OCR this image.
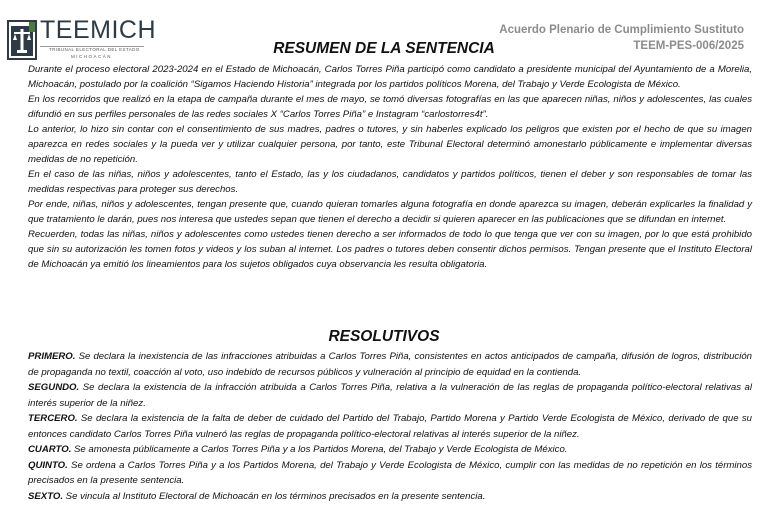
TEEMICH
TRIBUNAL ELECTORAL DEL ESTADO
MICHOACÁN
Acuerdo Plenario de Cumplimiento Sustituto
TEEM-PES-006/2025
RESUMEN DE LA SENTENCIA

Durante el proceso electoral 2023-2024 en el Estado de Michoacán, Carlos Torres Piña participó como candidato a presidente municipal del Ayuntamiento de a Morelia, Michoacán, postulado por la coalición “Sigamos Haciendo Historia” integrada por los partidos políticos Morena, del Trabajo y Verde Ecologista de México.

En los recorridos que realizó en la etapa de campaña durante el mes de mayo, se tomó diversas fotografías en las que aparecen niñas, niños y adolescentes, las cuales difundió en sus perfiles personales de las redes sociales X “Carlos Torres Piña” e Instagram “carlostorres4t”.

Lo anterior, lo hizo sin contar con el consentimiento de sus madres, padres o tutores, y sin haberles explicado los peligros que existen por el hecho de que su imagen aparezca en redes sociales y la pueda ver y utilizar cualquier persona, por tanto, este Tribunal Electoral determinó amonestarlo públicamente e implementar diversas medidas de no repetición.

En el caso de las niñas, niños y adolescentes, tanto el Estado, las y los ciudadanos, candidatos y partidos políticos, tienen el deber y son responsables de tomar las medidas respectivas para proteger sus derechos.

Por ende, niñas, niños y adolescentes, tengan presente que, cuando quieran tomarles alguna fotografía en donde aparezca su imagen, deberán explicarles la finalidad y que tratamiento le darán, pues nos interesa que ustedes sepan que tienen el derecho a decidir si quieren aparecer en las publicaciones que se difundan en internet.

Recuerden, todas las niñas, niños y adolescentes como ustedes tienen derecho a ser informados de todo lo que tenga que ver con su imagen, por lo que está prohibido que sin su autorización les tomen fotos y videos y los suban al internet. Los padres o tutores deben consentir dichos permisos. Tengan presente que el Instituto Electoral de Michoacán ya emitió los lineamientos para los sujetos obligados cuya observancia les resulta obligatoria.

RESOLUTIVOS

PRIMERO. Se declara la inexistencia de las infracciones atribuidas a Carlos Torres Piña, consistentes en actos anticipados de campaña, difusión de logros, distribución de propaganda no textil, coacción al voto, uso indebido de recursos públicos y vulneración al principio de equidad en la contienda.

SEGUNDO. Se declara la existencia de la infracción atribuida a Carlos Torres Piña, relativa a la vulneración de las reglas de propaganda político-electoral relativas al interés superior de la niñez.

TERCERO. Se declara la existencia de la falta de deber de cuidado del Partido del Trabajo, Partido Morena y Partido Verde Ecologista de México, derivado de que su entonces candidato Carlos Torres Piña vulneró las reglas de propaganda político-electoral relativas al interés superior de la niñez.

CUARTO. Se amonesta públicamente a Carlos Torres Piña y a los Partidos Morena, del Trabajo y Verde Ecologista de México.

QUINTO. Se ordena a Carlos Torres Piña y a los Partidos Morena, del Trabajo y Verde Ecologista de México, cumplir con las medidas de no repetición en los términos precisados en la presente sentencia.

SEXTO. Se vincula al Instituto Electoral de Michoacán en los términos precisados en la presente sentencia.
